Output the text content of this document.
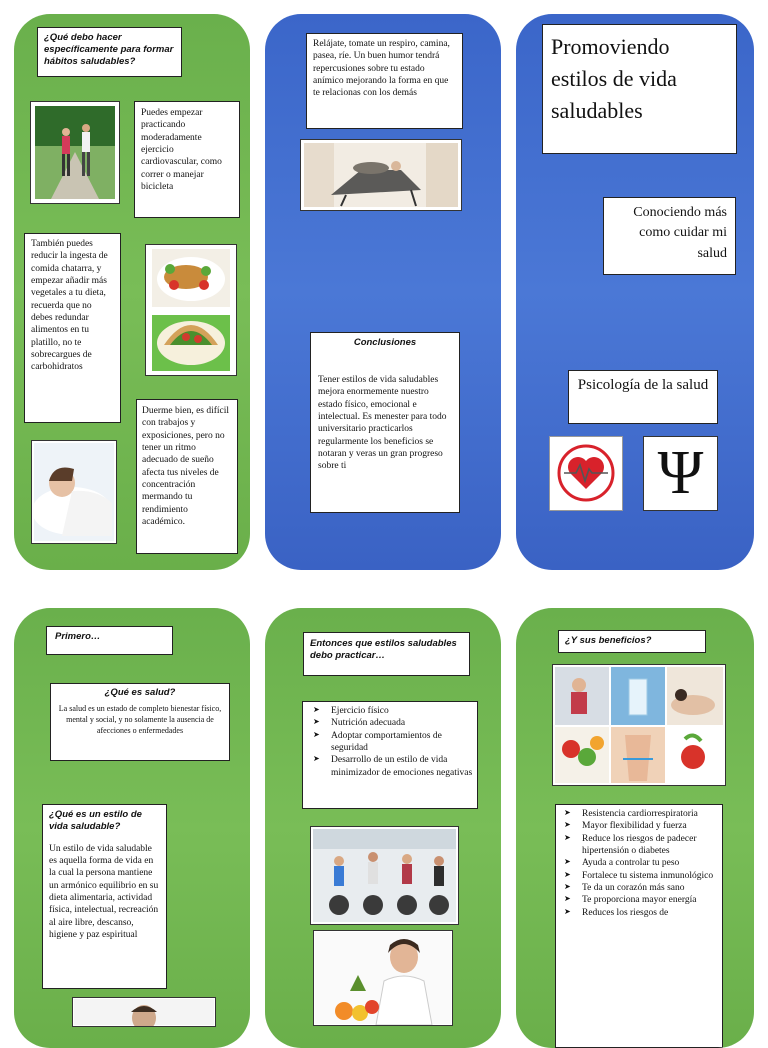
¿Qué debo hacer específicamente para formar hábitos saludables?
Puedes empezar practicando moderadamente ejercicio cardiovascular, como correr o manejar bicicleta
También puedes reducir la ingesta de comida chatarra, y empezar añadir más vegetales a tu dieta, recuerda que no debes redundar alimentos en tu platillo, no te sobrecargues de carbohidratos
Duerme bien, es difícil con trabajos y exposiciones, pero no tener un ritmo adecuado de sueño afecta tus niveles de concentración mermando tu rendimiento académico.
Relájate, tomate un respiro, camina, pasea, ríe. Un buen humor tendrá repercusiones sobre tu estado anímico mejorando la forma en que te relacionas con los demás
Conclusiones
Tener estilos de vida saludables mejora enormemente nuestro estado físico, emocional e intelectual. Es menester para todo universitario practicarlos regularmente los beneficios se notaran y veras un gran progreso sobre ti
Promoviendo estilos de vida saludables
Conociendo más como cuidar mi salud
Psicología de la salud
Ψ
Primero…
¿Qué es salud?
La salud es un estado de completo bienestar físico, mental y social, y no solamente la ausencia de afecciones o enfermedades
¿Qué es un estilo de vida saludable?
Un estilo de vida saludable es aquella forma de vida en la cual la persona mantiene un armónico equilibrio en su dieta alimentaria, actividad física, intelectual, recreación al aire libre, descanso, higiene y paz espiritual
Entonces que estilos saludables debo practicar…
➤ Ejercicio físico
➤ Nutrición adecuada
➤ Adoptar comportamientos de seguridad
➤ Desarrollo de un estilo de vida minimizador de emociones negativas
¿Y sus beneficios?
➤ Resistencia cardiorrespiratoria
➤ Mayor flexibilidad y fuerza
➤ Reduce los riesgos de padecer hipertensión o diabetes
➤ Ayuda a controlar tu peso
➤ Fortalece tu sistema inmunológico
➤ Te da un corazón más sano
➤ Te proporciona mayor energía
➤ Reduces los riesgos de
